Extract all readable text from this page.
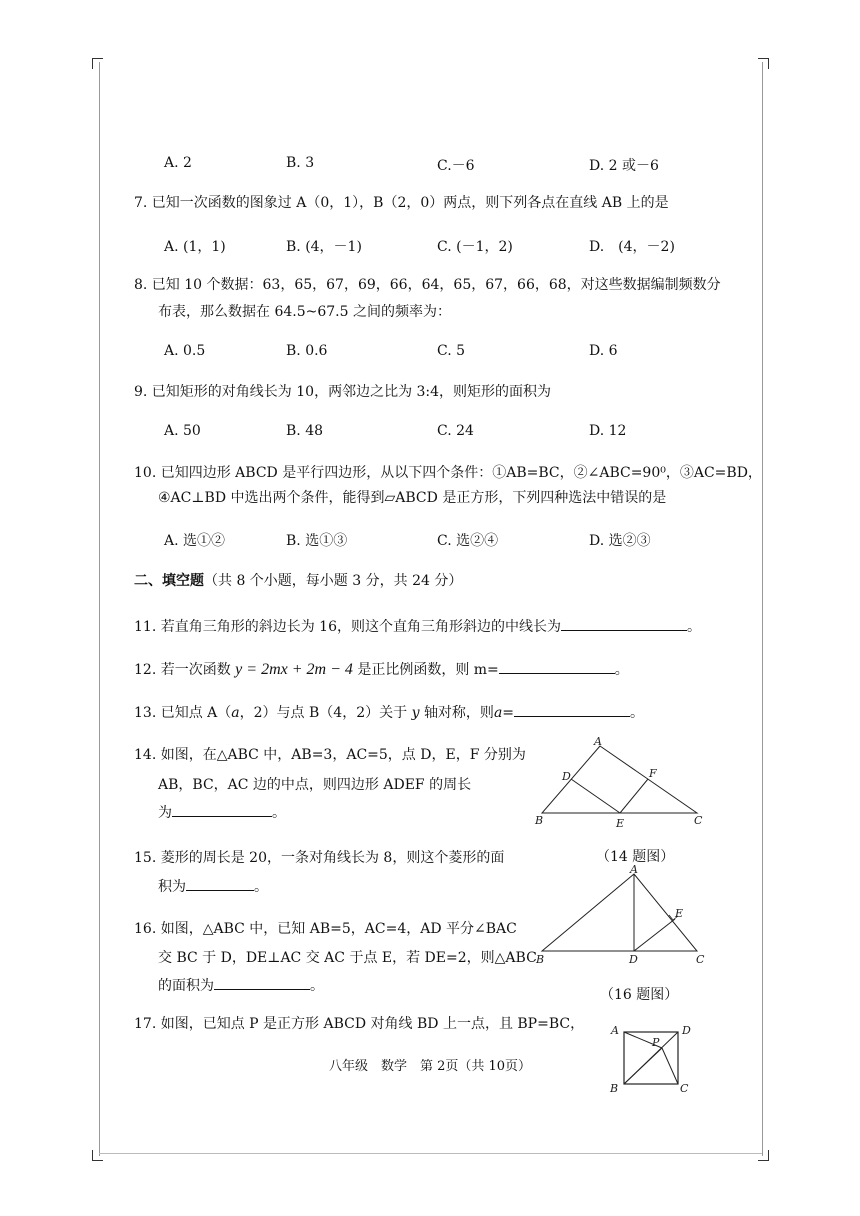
A. 2	B. 3	C.－6	D. 2 或－6
7. 已知一次函数的图象过 A（0，1），B（2，0）两点，则下列各点在直线 AB 上的是
A. (1，1)	B. (4，－1)	C. (－1，2)	D.　(4，－2)
8. 已知 10 个数据：63，65，67，69，66，64，65，67，66，68，对这些数据编制频数分
布表，那么数据在 64.5~67.5 之间的频率为：
A. 0.5	B. 0.6	C. 5	D. 6
9. 已知矩形的对角线长为 10，两邻边之比为 3:4，则矩形的面积为
A. 50	B. 48	C. 24	D. 12
10. 已知四边形 ABCD 是平行四边形，从以下四个条件：①AB=BC，②∠ABC=90⁰，③AC=BD，
④AC⊥BD 中选出两个条件，能得到▱ABCD 是正方形，下列四种选法中错误的是
A. 选①②	B. 选①③	C. 选②④	D. 选②③
二、填空题（共 8 个小题，每小题 3 分，共 24 分）
11. 若直角三角形的斜边长为 16，则这个直角三角形斜边的中线长为	。
12. 若一次函数 y = 2mx + 2m − 4 是正比例函数，则 m=	。
13. 已知点 A（a，2）与点 B（4，2）关于 y 轴对称，则a=	。
14. 如图，在△ABC 中，AB=3，AC=5，点 D，E，F 分别为
AB，BC，AC 边的中点，则四边形 ADEF 的周长
为	。
A
B	C
D
E
F
（14 题图）
15. 菱形的周长是 20，一条对角线长为 8，则这个菱形的面
积为	。
16. 如图，△ABC 中，已知 AB=5，AC=4，AD 平分∠BAC
交 BC 于 D，DE⊥AC 交 AC 于点 E，若 DE=2，则△ABC
的面积为	。
A
B	C
D
E
（16 题图）
17. 如图，已知点 P 是正方形 ABCD 对角线 BD 上一点，且 BP=BC， A	D
B	C
P
八年级　数学　第 2页（共 10页）
